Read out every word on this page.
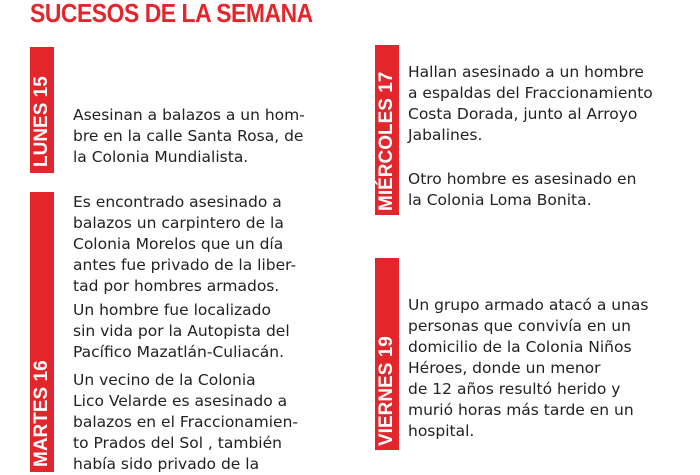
SUCESOS DE LA SEMANA
LUNES 15
MARTES 16
MIÉRCOLES 17
VIERNES 19
Asesinan a balazos a un hom-
bre en la calle Santa Rosa, de
la Colonia Mundialista.
Es encontrado asesinado a
balazos un carpintero de la
Colonia Morelos que un día
antes fue privado de la liber-
tad por hombres armados.
Un hombre fue localizado
sin vida por la Autopista del
Pacífico Mazatlán-Culiacán.
Un vecino de la Colonia
Lico Velarde es asesinado a
balazos en el Fraccionamien-
to Prados del Sol , también
había sido privado de la
Hallan asesinado a un hombre
a espaldas del Fraccionamiento
Costa Dorada, junto al Arroyo
Jabalines.
Otro hombre es asesinado en
la Colonia Loma Bonita.
Un grupo armado atacó a unas
personas que convivía en un
domicilio de la Colonia Niños
Héroes, donde un menor
de 12 años resultó herido y
murió horas más tarde en un
hospital.
